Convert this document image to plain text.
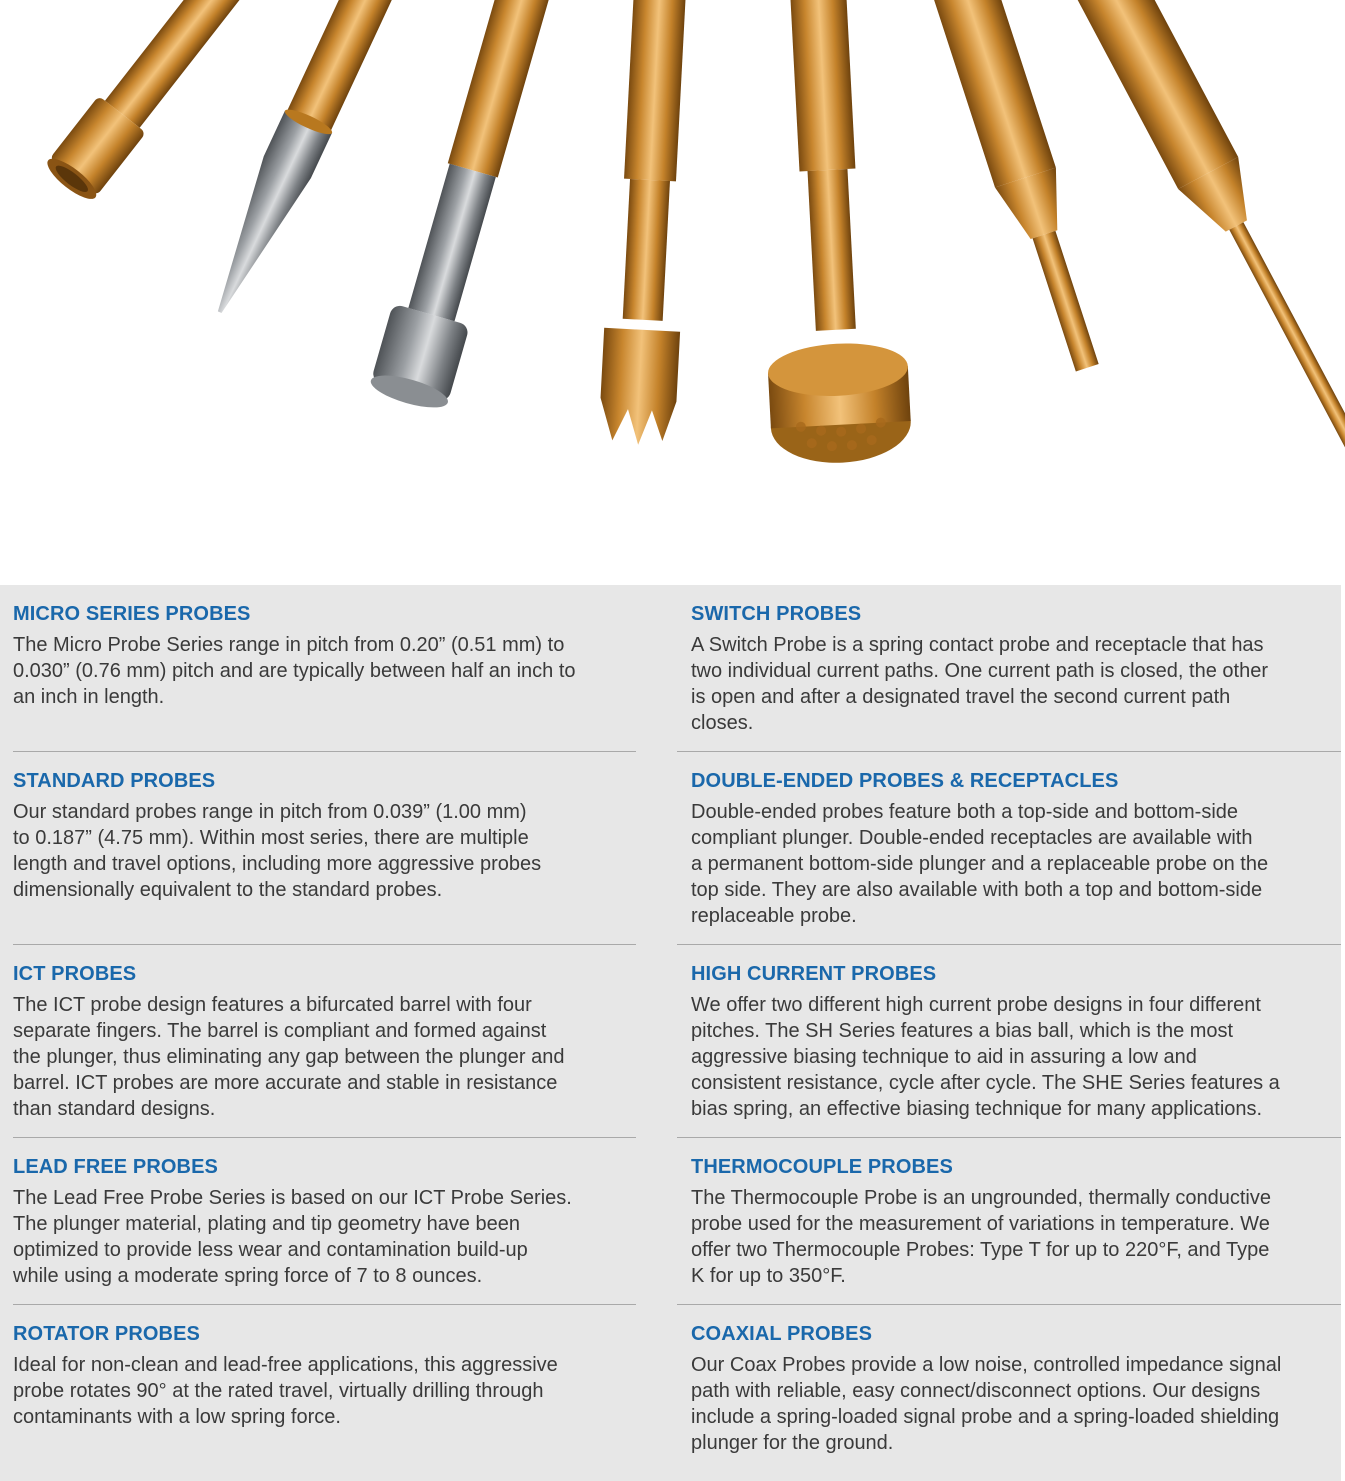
MICRO SERIES PROBES
The Micro Probe Series range in pitch from 0.20” (0.51 mm) to
0.030” (0.76 mm) pitch and are typically between half an inch to
an inch in length.
STANDARD PROBES
Our standard probes range in pitch from 0.039” (1.00 mm)
to 0.187” (4.75 mm). Within most series, there are multiple
length and travel options, including more aggressive probes
dimensionally equivalent to the standard probes.
ICT PROBES
The ICT probe design features a bifurcated barrel with four
separate fingers. The barrel is compliant and formed against
the plunger, thus eliminating any gap between the plunger and
barrel. ICT probes are more accurate and stable in resistance
than standard designs.
LEAD FREE PROBES
The Lead Free Probe Series is based on our ICT Probe Series.
The plunger material, plating and tip geometry have been
optimized to provide less wear and contamination build-up
while using a moderate spring force of 7 to 8 ounces.
ROTATOR PROBES
Ideal for non-clean and lead-free applications, this aggressive
probe rotates 90° at the rated travel, virtually drilling through
contaminants with a low spring force.
SWITCH PROBES
A Switch Probe is a spring contact probe and receptacle that has
two individual current paths. One current path is closed, the other
is open and after a designated travel the second current path
closes.
DOUBLE-ENDED PROBES & RECEPTACLES
Double-ended probes feature both a top-side and bottom-side
compliant plunger. Double-ended receptacles are available with
a permanent bottom-side plunger and a replaceable probe on the
top side. They are also available with both a top and bottom-side
replaceable probe.
HIGH CURRENT PROBES
We offer two different high current probe designs in four different
pitches. The SH Series features a bias ball, which is the most
aggressive biasing technique to aid in assuring a low and
consistent resistance, cycle after cycle. The SHE Series features a
bias spring, an effective biasing technique for many applications.
THERMOCOUPLE PROBES
The Thermocouple Probe is an ungrounded, thermally conductive
probe used for the measurement of variations in temperature. We
offer two Thermocouple Probes: Type T for up to 220°F, and Type
K for up to 350°F.
COAXIAL PROBES
Our Coax Probes provide a low noise, controlled impedance signal
path with reliable, easy connect/disconnect options. Our designs
include a spring-loaded signal probe and a spring-loaded shielding
plunger for the ground.
